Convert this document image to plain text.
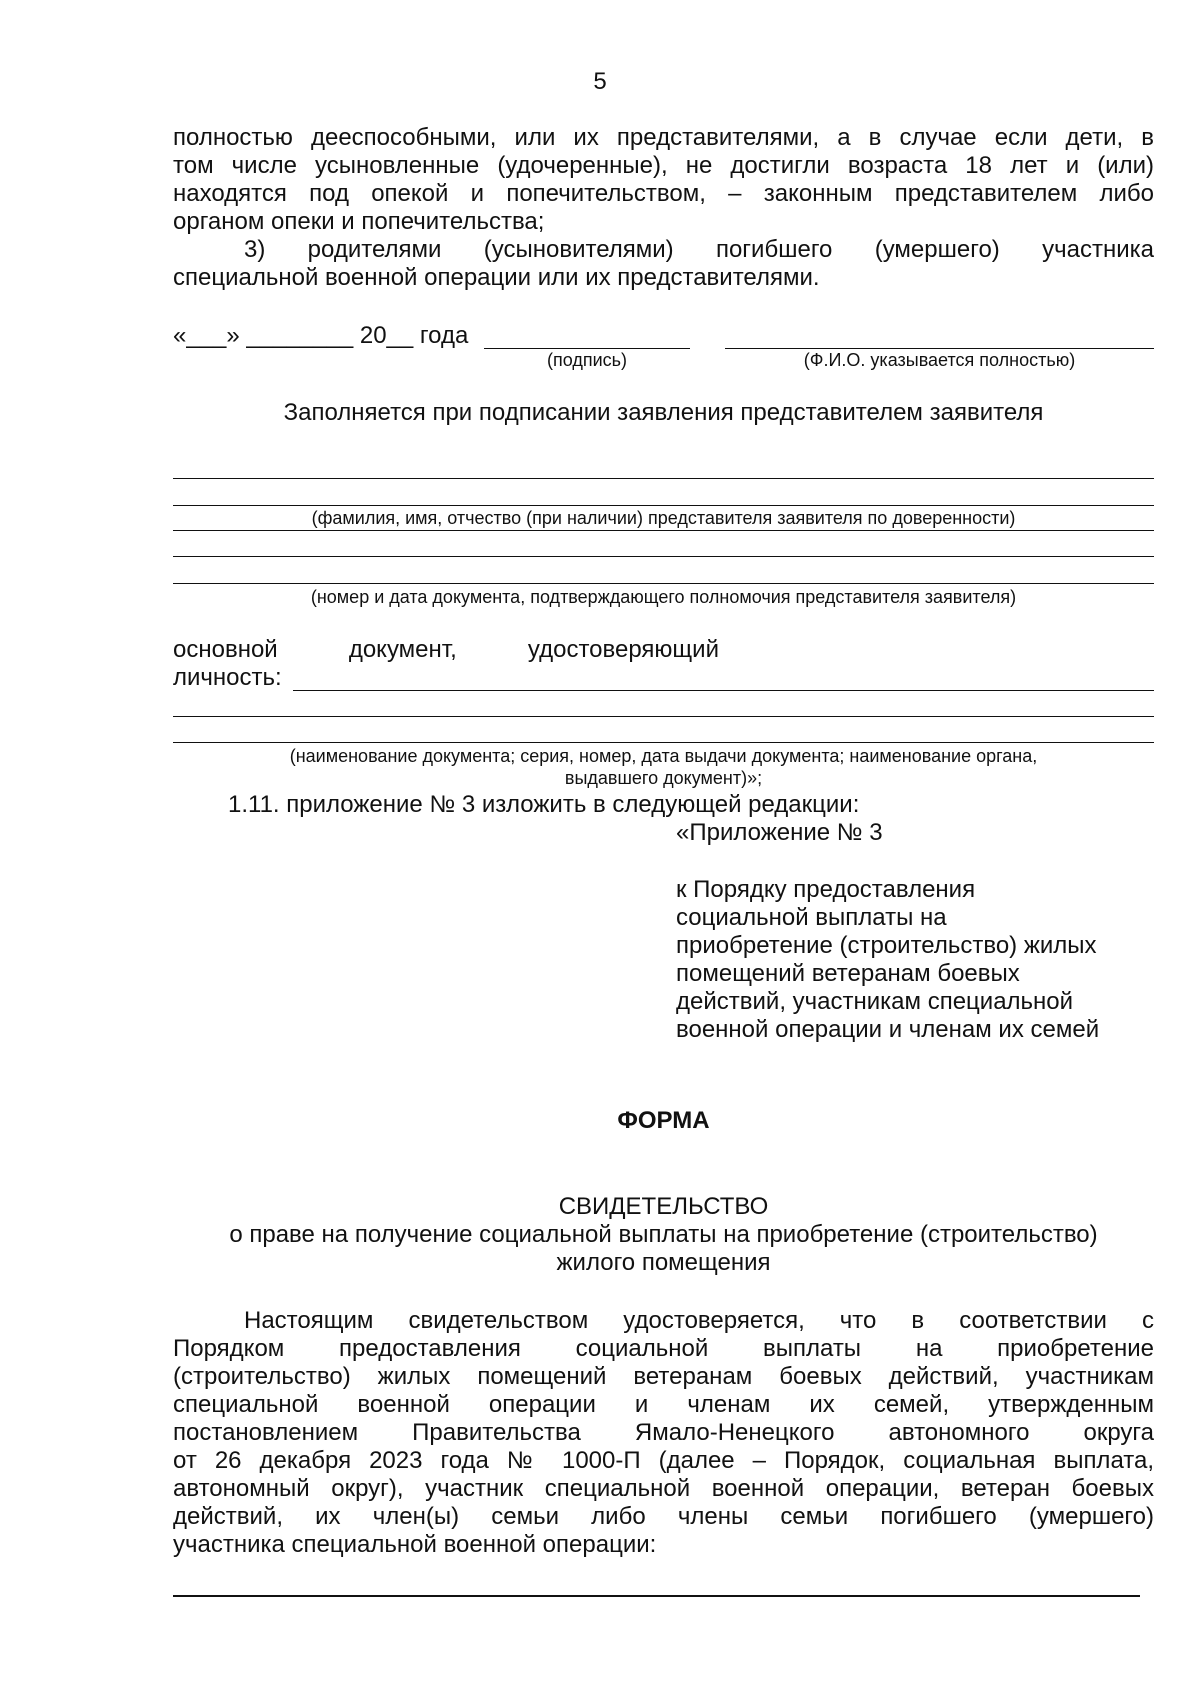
5
полностью дееспособными, или их представителями, а в случае если дети, в
том числе усыновленные (удочеренные), не достигли возраста 18 лет и (или)
находятся под опекой и попечительством, – законным представителем либо
органом опеки и попечительства;
3) родителями (усыновителями) погибшего (умершего) участника
специальной военной операции или их представителями.
«___» ________ 20__ года
(подпись)	(Ф.И.О. указывается полностью)
Заполняется при подписании заявления представителем заявителя
(фамилия, имя, отчество (при наличии) представителя заявителя по доверенности)
(номер и дата документа, подтверждающего полномочия представителя заявителя)
основной документ, удостоверяющий
личность:
(наименование документа; серия, номер, дата выдачи документа; наименование органа,
выдавшего документ)»;
1.11. приложение № 3 изложить в следующей редакции:
«Приложение № 3
к Порядку предоставления
социальной выплаты на
приобретение (строительство) жилых
помещений ветеранам боевых
действий, участникам специальной
военной операции и членам их семей
ФОРМА
СВИДЕТЕЛЬСТВО
о праве на получение социальной выплаты на приобретение (строительство)
жилого помещения
Настоящим свидетельством удостоверяется, что в соответствии с
Порядком предоставления социальной выплаты на приобретение
(строительство) жилых помещений ветеранам боевых действий, участникам
специальной военной операции и членам их семей, утвержденным
постановлением Правительства Ямало-Ненецкого автономного округа
от 26 декабря 2023 года № 1000-П (далее – Порядок, социальная выплата,
автономный округ), участник специальной военной операции, ветеран боевых
действий, их член(ы) семьи либо члены семьи погибшего (умершего)
участника специальной военной операции:
